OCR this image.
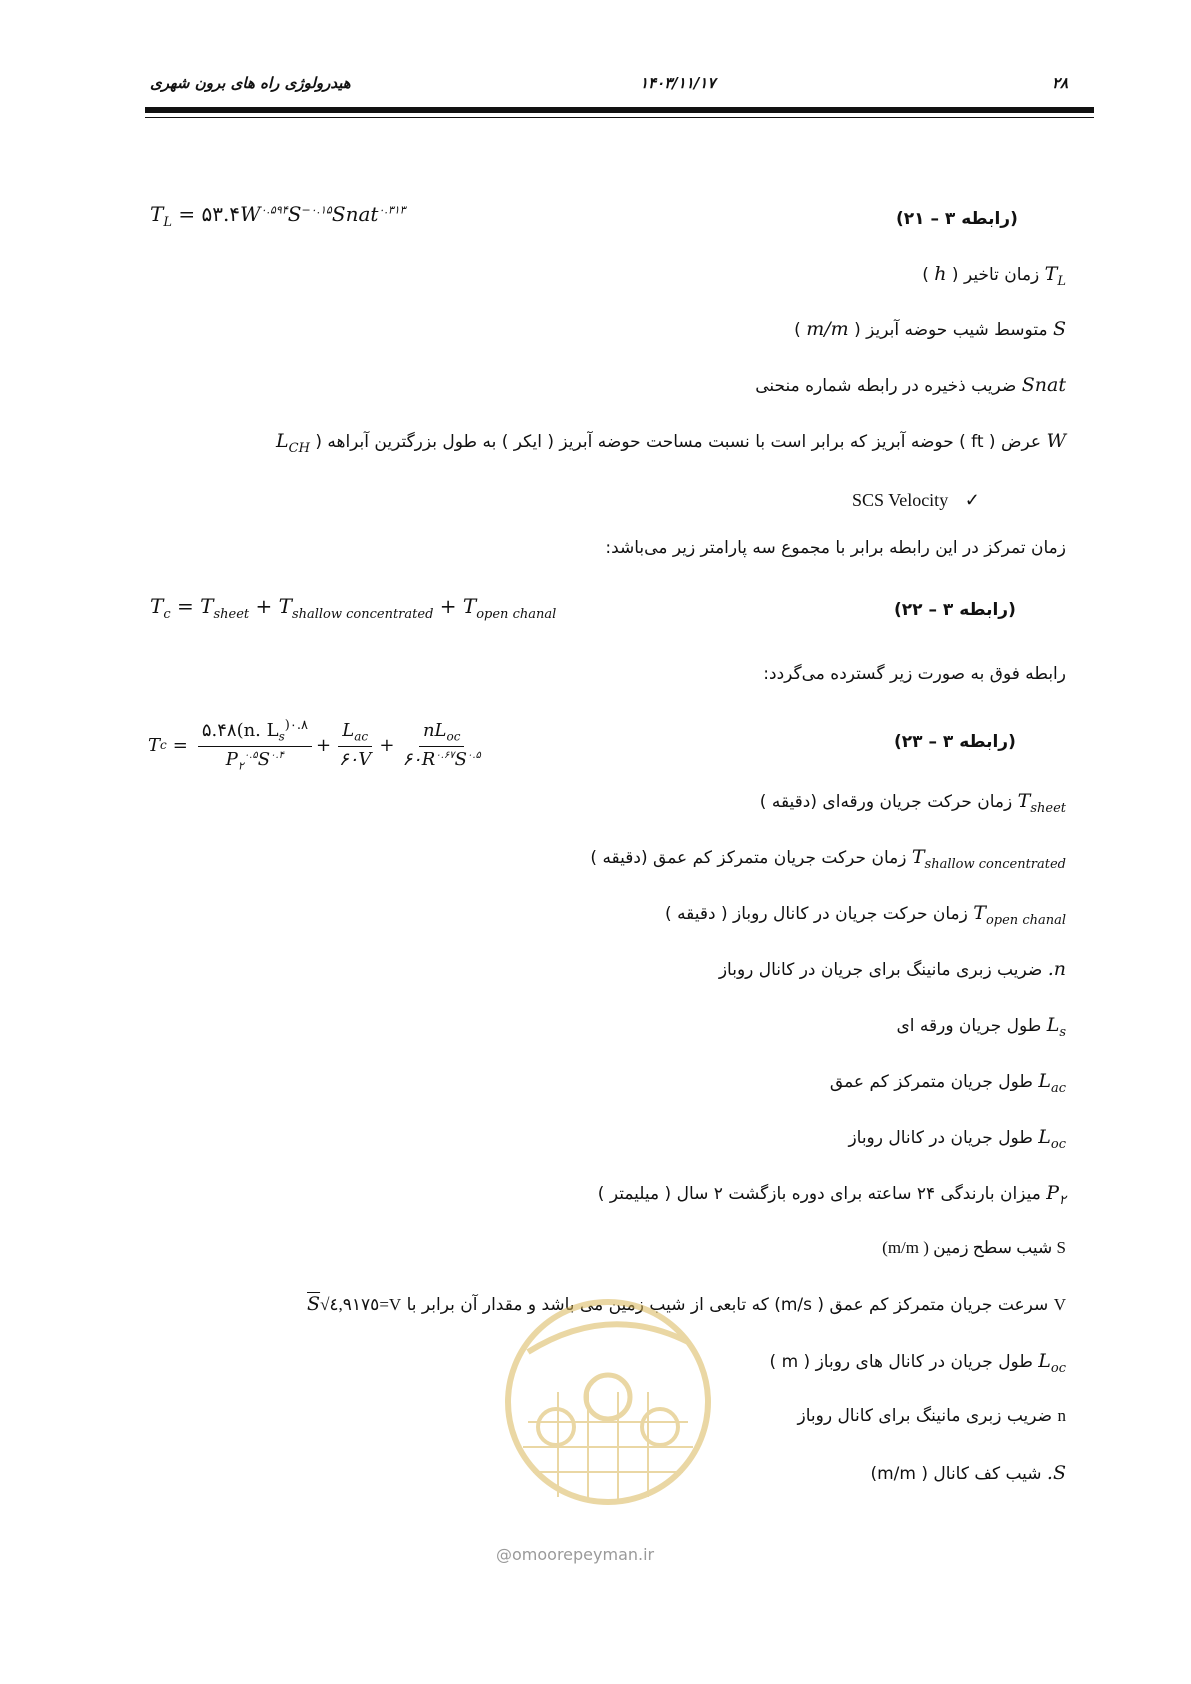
۲۸
۱۴۰۳/۱۱/۱۷
هیدرولوژی راه های برون شهری
$T_L$ = $۵۳.۴W^{۰.۵۹۴}S^{-۰.۱۵}Snat^{۰.۳۱۳}$	(رابطه ۳ – ۲۱)
$T_L$ زمان تاخیر ( h )
S متوسط شیب حوضه آبریز ( m/m )
Snat ضریب ذخیره در رابطه شماره منحنی
W عرض ( ft ) حوضه آبریز که برابر است با نسبت مساحت حوضه آبریز ( ایکر ) به طول بزرگترین آبراهه ( $L_{CH}$
SCS Velocity ✓
زمان تمرکز در این رابطه برابر با مجموع سه پارامتر زیر می‌باشد:
$T_c = T_{sheet} + T_{shallow concentrated} + T_{open chanal}$	(رابطه ۳ – ۲۲)
رابطه فوق به صورت زیر گسترده می‌گردد:
T $c = \frac{۵.۴۸(n. L_s^{)۰.۸}}{P_۲^{۰.۵}S^{۰.۴}} + \frac{L_{ac}}{۶۰V} + \frac{nL_{oc}}{۶۰R^{۰.۶۷}S^{۰.۵}}$	(رابطه ۳ – ۲۳)
$T_{sheet}$ زمان حرکت جریان ورقه‌ای (دقیقه )
$T_{shallow concentrated}$ زمان حرکت جریان متمرکز کم عمق (دقیقه )
$T_{open chanal}$ زمان حرکت جریان در کانال روباز ( دقیقه )
n. ضریب زبری مانینگ برای جریان در کانال روباز
$L_s$ طول جریان ورقه ای
$L_{ac}$ طول جریان متمرکز کم عمق
$L_{oc}$ طول جریان در کانال روباز
$P_۲$ میزان بارندگی ۲۴ ساعته برای دوره بازگشت ۲ سال ( میلیمتر )
S شیب سطح زمین ( m/m)
V سرعت جریان متمرکز کم عمق ( m/s) که تابعی از شیب زمین می باشد و مقدار آن برابر با V=٤,٩١٧٥√S
$L_{oc}$ طول جریان در کانال های روباز ( m )
n ضریب زبری مانینگ برای کانال روباز
S. شیب کف کانال ( m/m)
@omoorepeyman.ir
